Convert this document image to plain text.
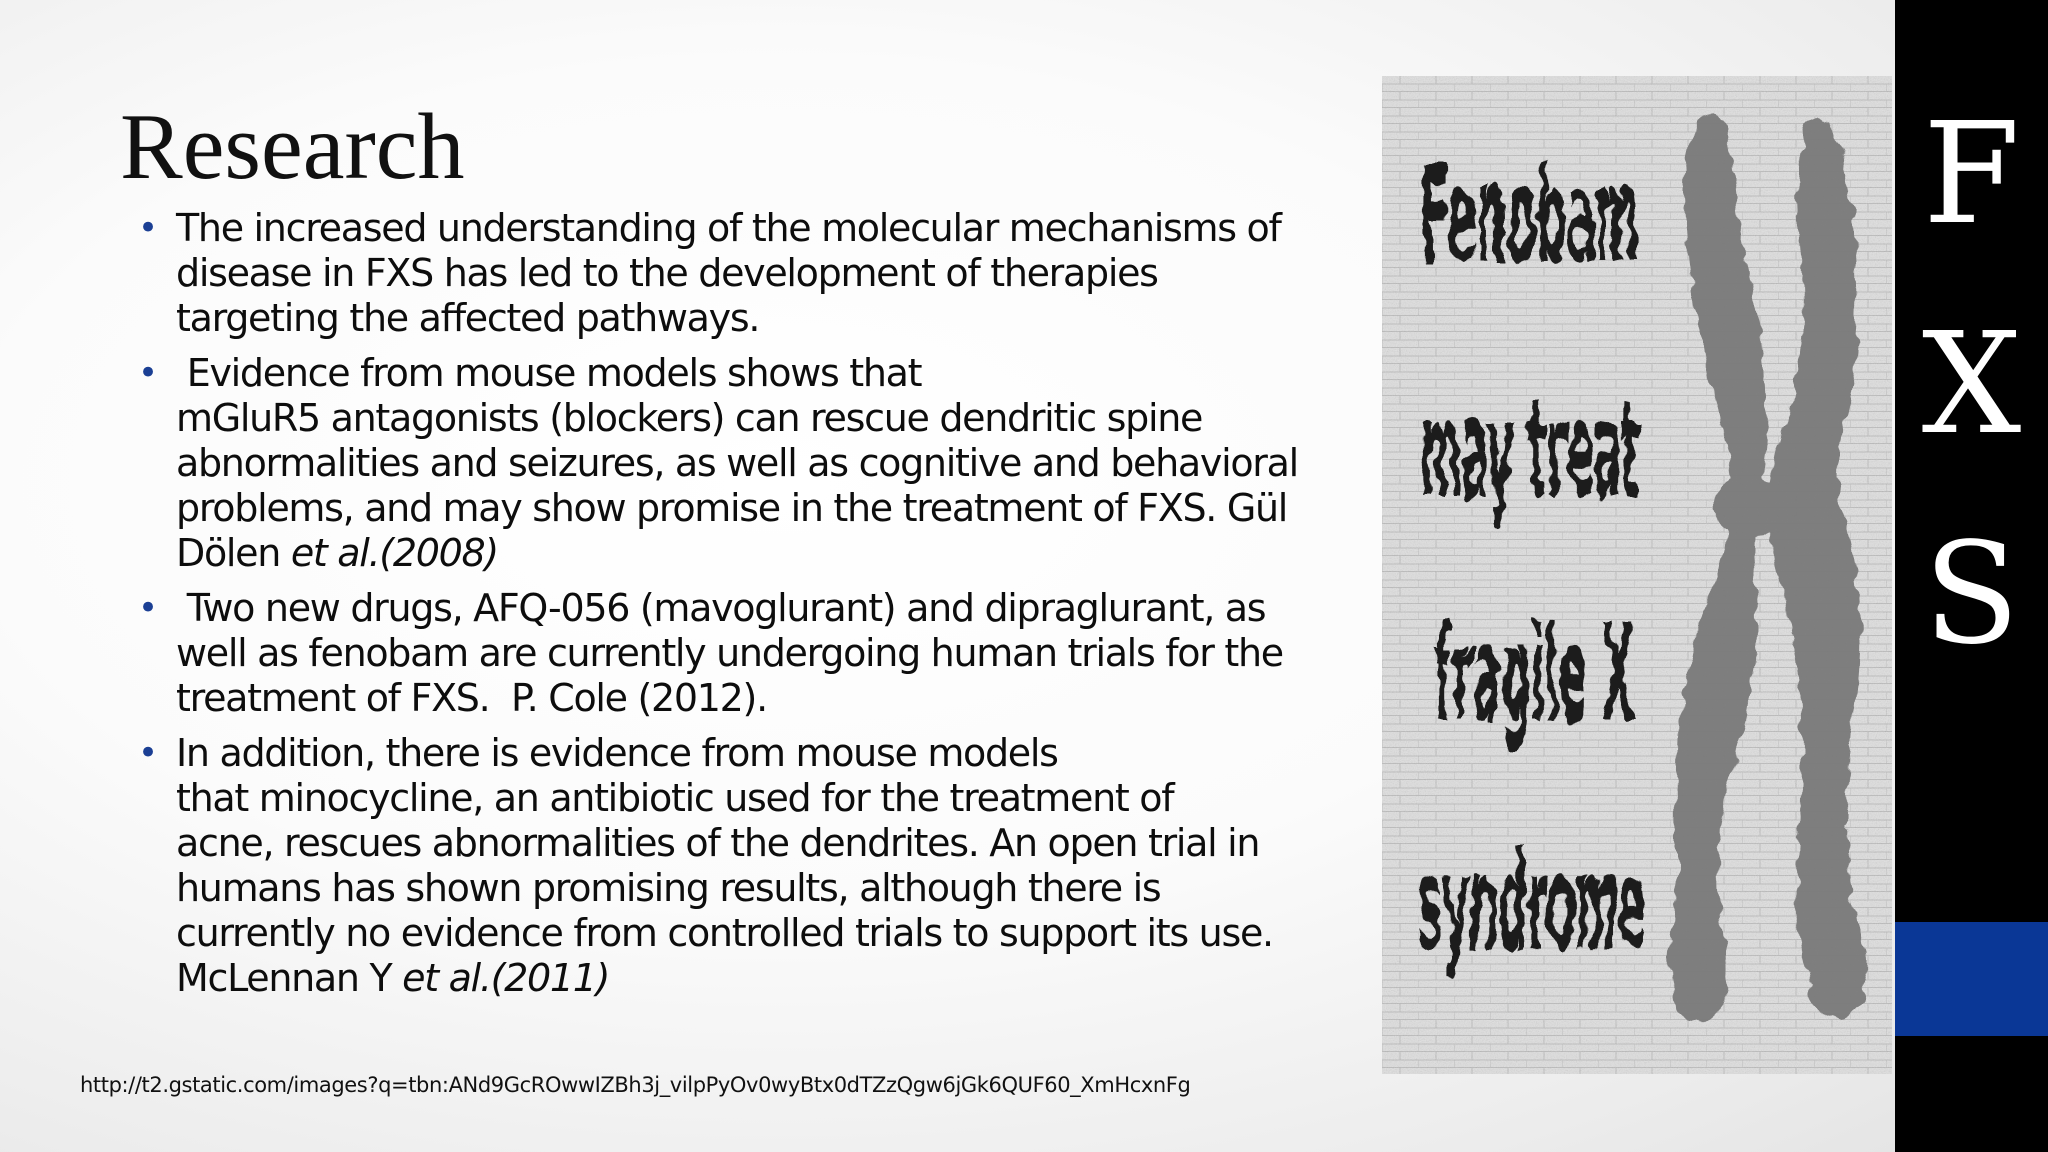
Research
• The increased understanding of the molecular mechanisms of
disease in FXS has led to the development of therapies
targeting the affected pathways.
• Evidence from mouse models shows that
mGluR5 antagonists (blockers) can rescue dendritic spine
abnormalities and seizures, as well as cognitive and behavioral
problems, and may show promise in the treatment of FXS. Gül
Dölen et al.(2008)
• Two new drugs, AFQ-056 (mavoglurant) and dipraglurant, as
well as fenobam are currently undergoing human trials for the
treatment of FXS.  P. Cole (2012).
• In addition, there is evidence from mouse models
that minocycline, an antibiotic used for the treatment of
acne, rescues abnormalities of the dendrites. An open trial in
humans has shown promising results, although there is
currently no evidence from controlled trials to support its use.
McLennan Y et al.(2011)
http://t2.gstatic.com/images?q=tbn:ANd9GcROwwIZBh3j_vilpPyOv0wyBtx0dTZzQgw6jGk6QUF60_XmHcxnFg
Fenobam
may treat
fragile X
syndrome
F
X
S
